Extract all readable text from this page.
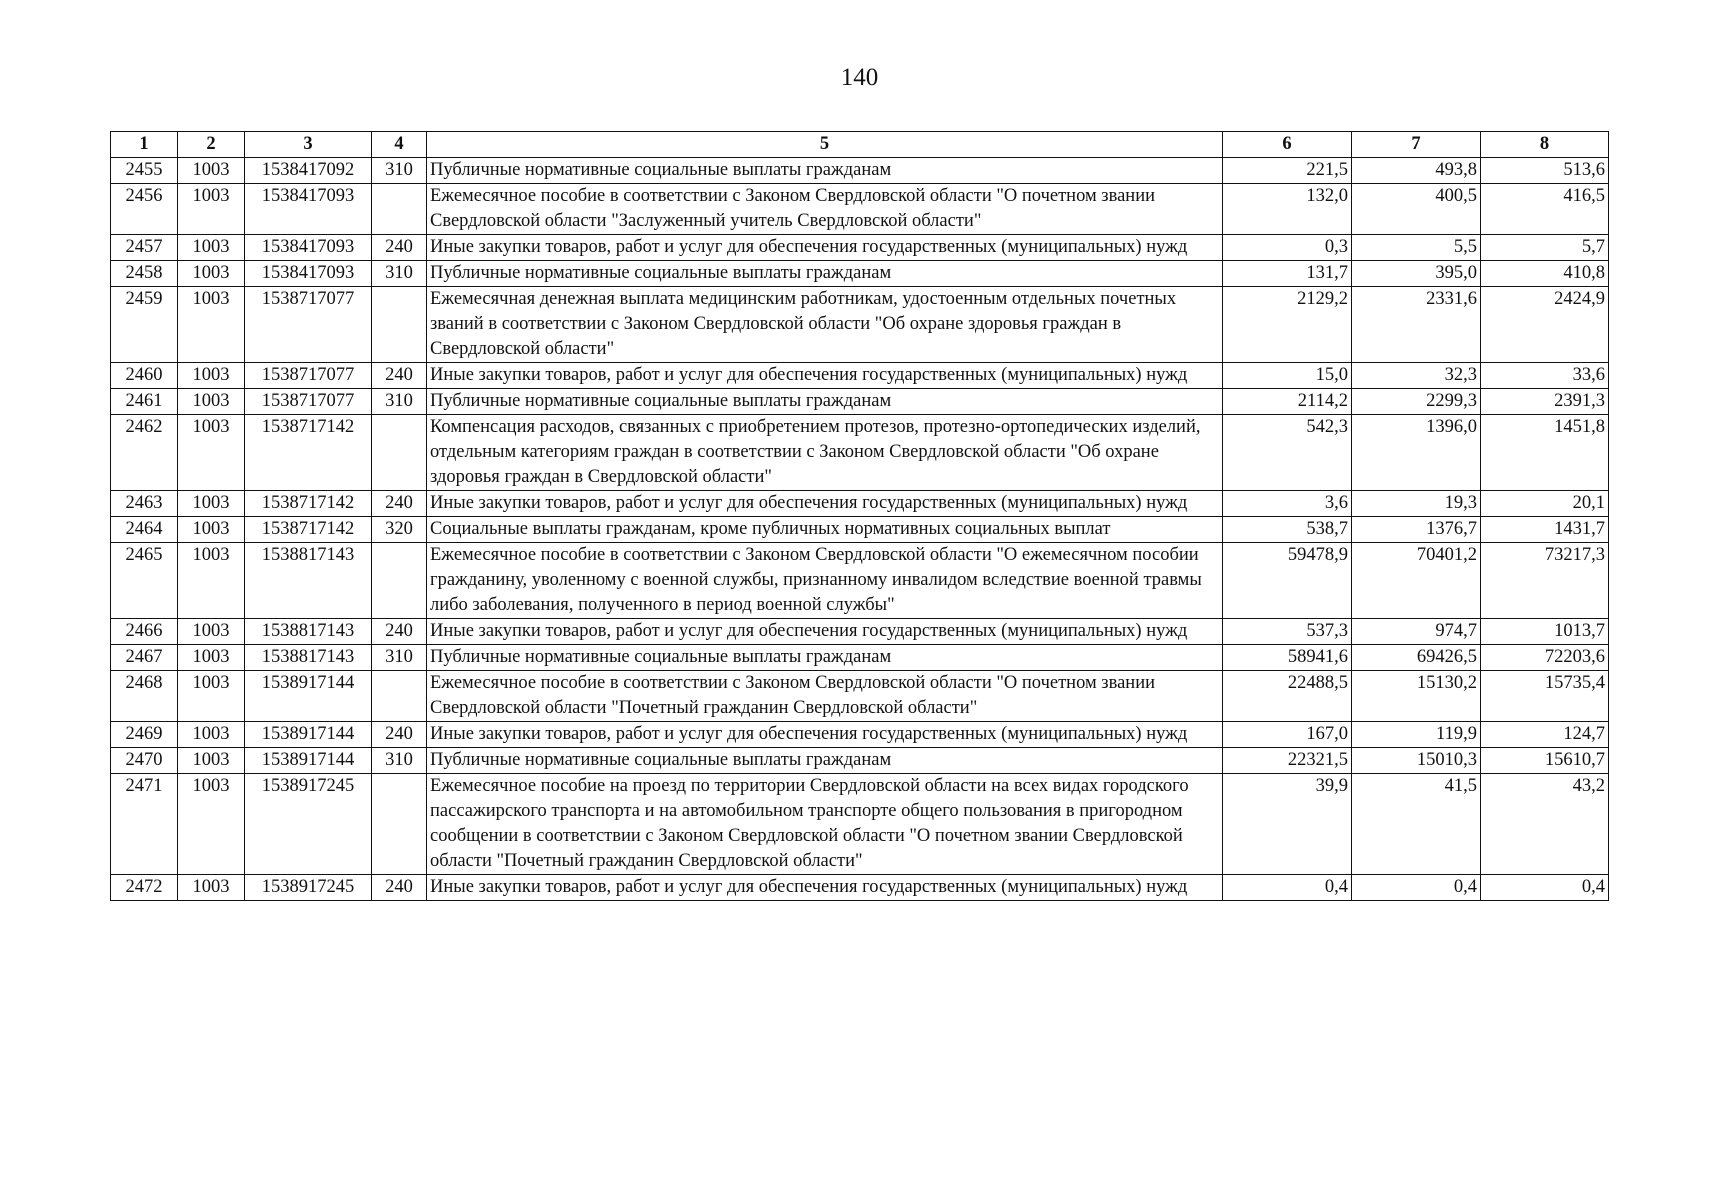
140
1	2	3	4	5	6	7	8
2455	1003	1538417092	310	Публичные нормативные социальные выплаты гражданам	221,5	493,8	513,6
2456	1003	1538417093		Ежемесячное пособие в соответствии с Законом Свердловской области "О почетном звании Свердловской области "Заслуженный учитель Свердловской области"	132,0	400,5	416,5
2457	1003	1538417093	240	Иные закупки товаров, работ и услуг для обеспечения государственных (муниципальных) нужд	0,3	5,5	5,7
2458	1003	1538417093	310	Публичные нормативные социальные выплаты гражданам	131,7	395,0	410,8
2459	1003	1538717077		Ежемесячная денежная выплата медицинским работникам, удостоенным отдельных почетных званий в соответствии с Законом Свердловской области "Об охране здоровья граждан в Свердловской области"	2129,2	2331,6	2424,9
2460	1003	1538717077	240	Иные закупки товаров, работ и услуг для обеспечения государственных (муниципальных) нужд	15,0	32,3	33,6
2461	1003	1538717077	310	Публичные нормативные социальные выплаты гражданам	2114,2	2299,3	2391,3
2462	1003	1538717142		Компенсация расходов, связанных с приобретением протезов, протезно-ортопедических изделий, отдельным категориям граждан в соответствии с Законом Свердловской области "Об охране здоровья граждан в Свердловской области"	542,3	1396,0	1451,8
2463	1003	1538717142	240	Иные закупки товаров, работ и услуг для обеспечения государственных (муниципальных) нужд	3,6	19,3	20,1
2464	1003	1538717142	320	Социальные выплаты гражданам, кроме публичных нормативных социальных выплат	538,7	1376,7	1431,7
2465	1003	1538817143		Ежемесячное пособие в соответствии с Законом Свердловской области "О ежемесячном пособии гражданину, уволенному с военной службы, признанному инвалидом вследствие военной травмы либо заболевания, полученного в период военной службы"	59478,9	70401,2	73217,3
2466	1003	1538817143	240	Иные закупки товаров, работ и услуг для обеспечения государственных (муниципальных) нужд	537,3	974,7	1013,7
2467	1003	1538817143	310	Публичные нормативные социальные выплаты гражданам	58941,6	69426,5	72203,6
2468	1003	1538917144		Ежемесячное пособие в соответствии с Законом Свердловской области "О почетном звании Свердловской области "Почетный гражданин Свердловской области"	22488,5	15130,2	15735,4
2469	1003	1538917144	240	Иные закупки товаров, работ и услуг для обеспечения государственных (муниципальных) нужд	167,0	119,9	124,7
2470	1003	1538917144	310	Публичные нормативные социальные выплаты гражданам	22321,5	15010,3	15610,7
2471	1003	1538917245		Ежемесячное пособие на проезд по территории Свердловской области на всех видах городского пассажирского транспорта и на автомобильном транспорте общего пользования в пригородном сообщении в соответствии с Законом Свердловской области "О почетном звании Свердловской области "Почетный гражданин Свердловской области"	39,9	41,5	43,2
2472	1003	1538917245	240	Иные закупки товаров, работ и услуг для обеспечения государственных (муниципальных) нужд	0,4	0,4	0,4
